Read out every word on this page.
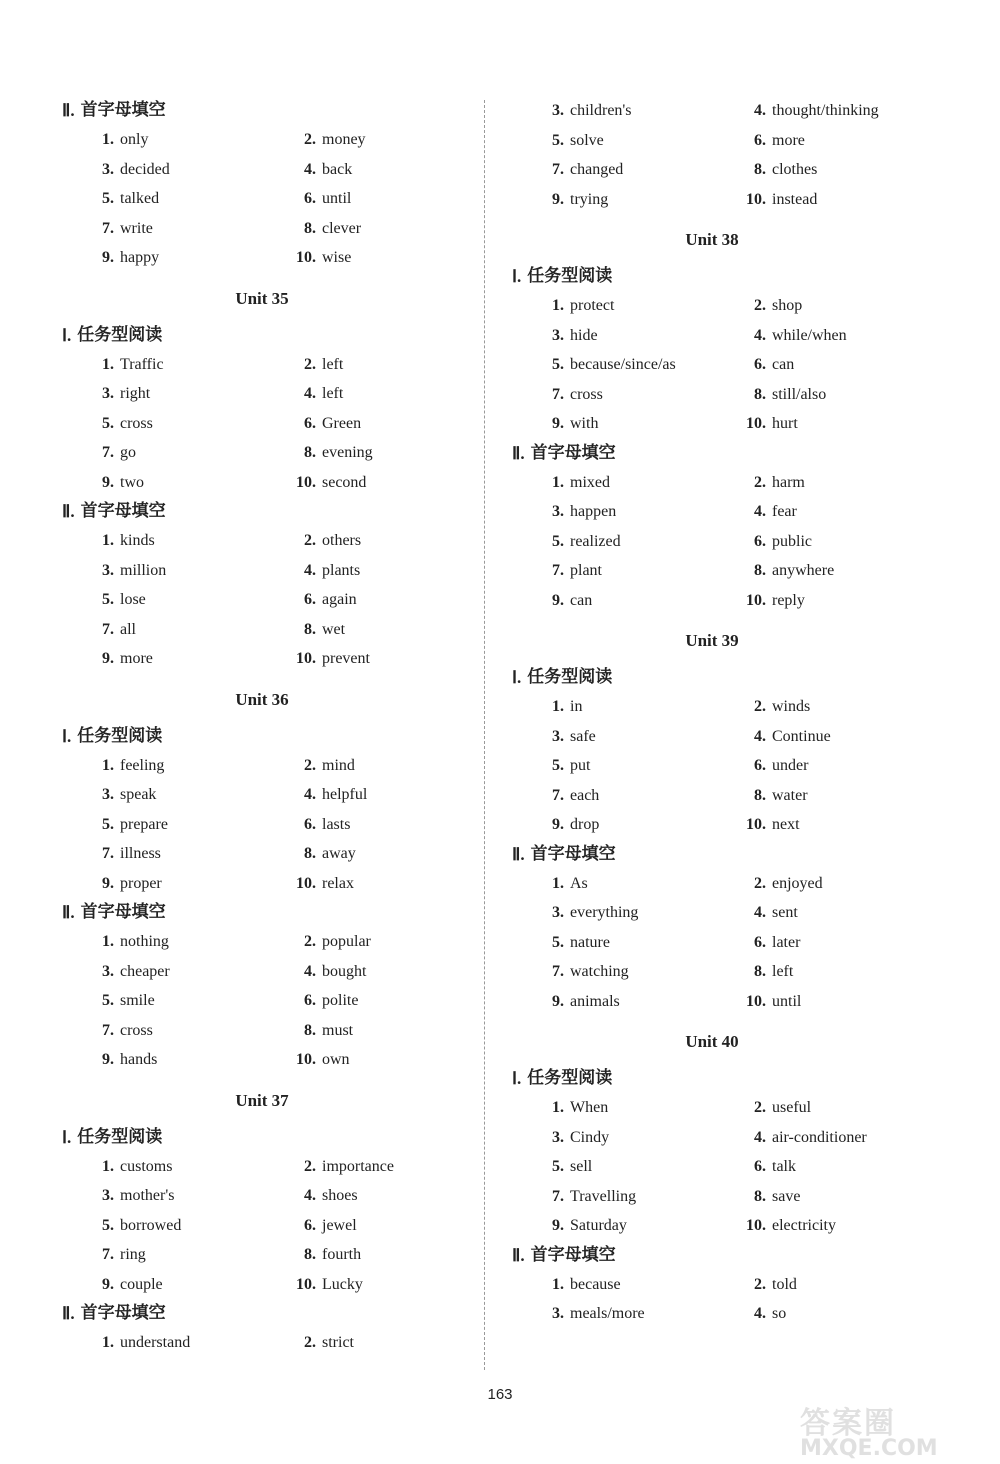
Ⅱ. 首字母填空
1. only	2. money
3. decided	4. back
5. talked	6. until
7. write	8. clever
9. happy	10. wise
Unit 35
Ⅰ. 任务型阅读
1. Traffic	2. left
3. right	4. left
5. cross	6. Green
7. go	8. evening
9. two	10. second
Ⅱ. 首字母填空
1. kinds	2. others
3. million	4. plants
5. lose	6. again
7. all	8. wet
9. more	10. prevent
Unit 36
Ⅰ. 任务型阅读
1. feeling	2. mind
3. speak	4. helpful
5. prepare	6. lasts
7. illness	8. away
9. proper	10. relax
Ⅱ. 首字母填空
1. nothing	2. popular
3. cheaper	4. bought
5. smile	6. polite
7. cross	8. must
9. hands	10. own
Unit 37
Ⅰ. 任务型阅读
1. customs	2. importance
3. mother's	4. shoes
5. borrowed	6. jewel
7. ring	8. fourth
9. couple	10. Lucky
Ⅱ. 首字母填空
1. understand	2. strict
3. children's	4. thought/thinking
5. solve	6. more
7. changed	8. clothes
9. trying	10. instead
Unit 38
Ⅰ. 任务型阅读
1. protect	2. shop
3. hide	4. while/when
5. because/since/as	6. can
7. cross	8. still/also
9. with	10. hurt
Ⅱ. 首字母填空
1. mixed	2. harm
3. happen	4. fear
5. realized	6. public
7. plant	8. anywhere
9. can	10. reply
Unit 39
Ⅰ. 任务型阅读
1. in	2. winds
3. safe	4. Continue
5. put	6. under
7. each	8. water
9. drop	10. next
Ⅱ. 首字母填空
1. As	2. enjoyed
3. everything	4. sent
5. nature	6. later
7. watching	8. left
9. animals	10. until
Unit 40
Ⅰ. 任务型阅读
1. When	2. useful
3. Cindy	4. air-conditioner
5. sell	6. talk
7. Travelling	8. save
9. Saturday	10. electricity
Ⅱ. 首字母填空
1. because	2. told
3. meals/more	4. so
163
答案圈
MXQE.COM
